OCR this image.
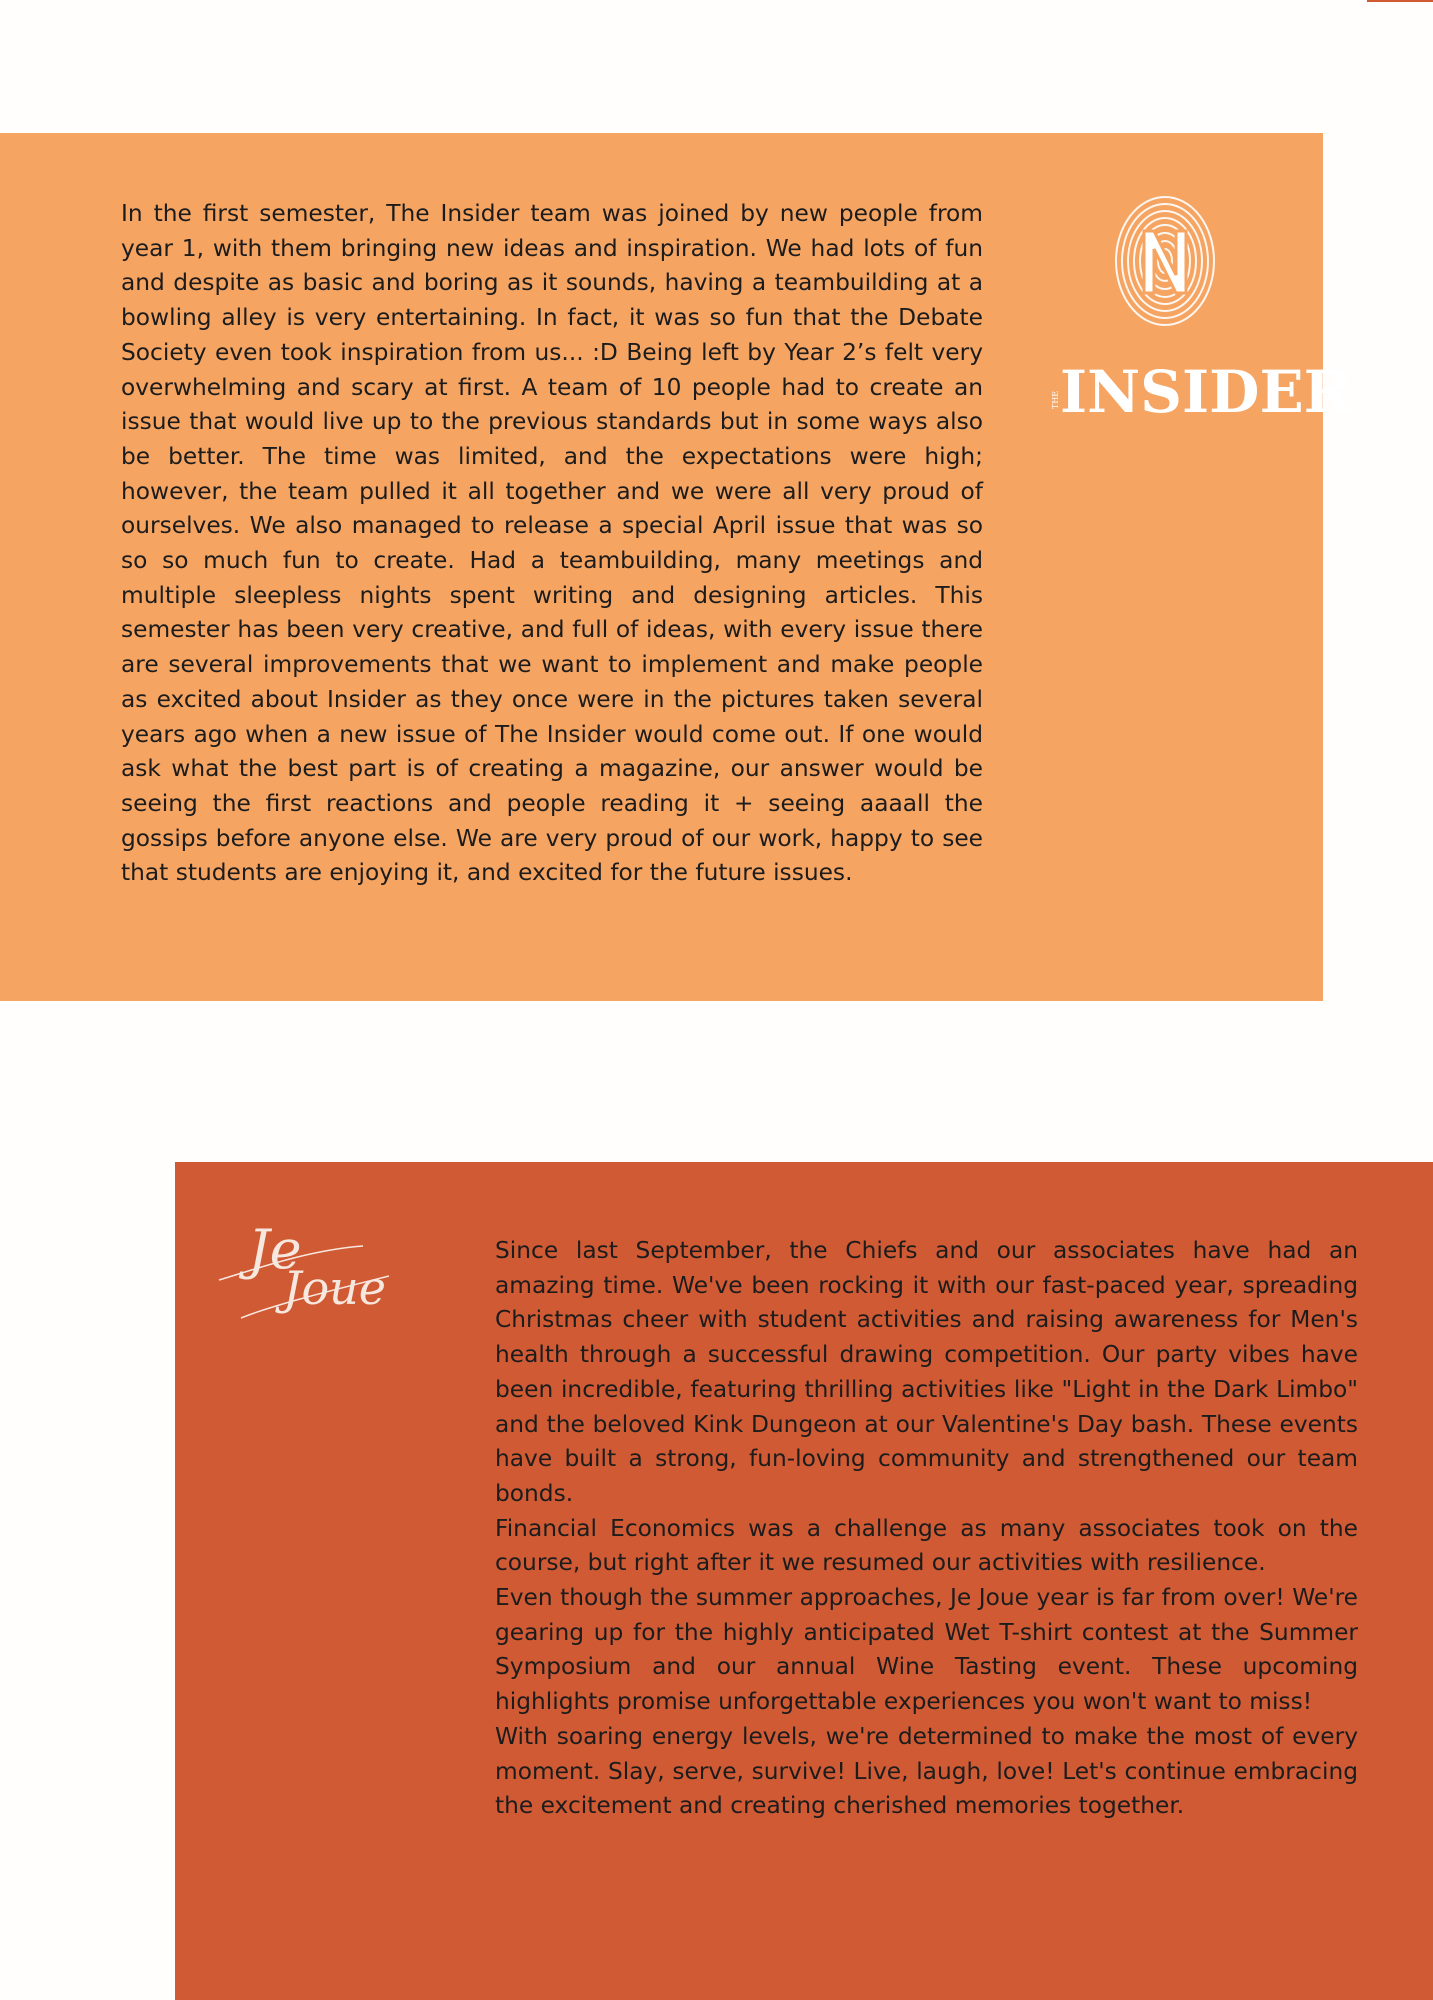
In the first semester, The Insider team was joined by new people from year 1, with them bringing new ideas and inspiration. We had lots of fun and despite as basic and boring as it sounds, having a teambuilding at a bowling alley is very entertaining. In fact, it was so fun that the Debate Society even took inspiration from us... :D Being left by Year 2’s felt very overwhelming and scary at first. A team of 10 people had to create an issue that would live up to the previous standards but in some ways also be better. The time was limited, and the expectations were high; however, the team pulled it all together and we were all very proud of ourselves. We also managed to release a special April issue that was so so so much fun to create. Had a teambuilding, many meetings and multiple sleepless nights spent writing and designing articles. This semester has been very creative, and full of ideas, with every issue there are several improvements that we want to implement and make people as excited about Insider as they once were in the pictures taken several years ago when a new issue of The Insider would come out. If one would ask what the best part is of creating a magazine, our answer would be seeing the first reactions and people reading it + seeing aaaall the gossips before anyone else. We are very proud of our work, happy to see that students are enjoying it, and excited for the future issues.

THE INSIDER
Je
Joue

Since last September, the Chiefs and our associates have had an amazing time. We've been rocking it with our fast-paced year, spreading Christmas cheer with student activities and raising awareness for Men's health through a successful drawing competition. Our party vibes have been incredible, featuring thrilling activities like "Light in the Dark Limbo" and the beloved Kink Dungeon at our Valentine's Day bash. These events have built a strong, fun-loving community and strengthened our team bonds.

Financial Economics was a challenge as many associates took on the course, but right after it we resumed our activities with resilience.

Even though the summer approaches, Je Joue year is far from over! We're gearing up for the highly anticipated Wet T-shirt contest at the Summer Symposium and our annual Wine Tasting event. These upcoming highlights promise unforgettable experiences you won't want to miss!

With soaring energy levels, we're determined to make the most of every moment. Slay, serve, survive! Live, laugh, love! Let's continue embracing the excitement and creating cherished memories together.
